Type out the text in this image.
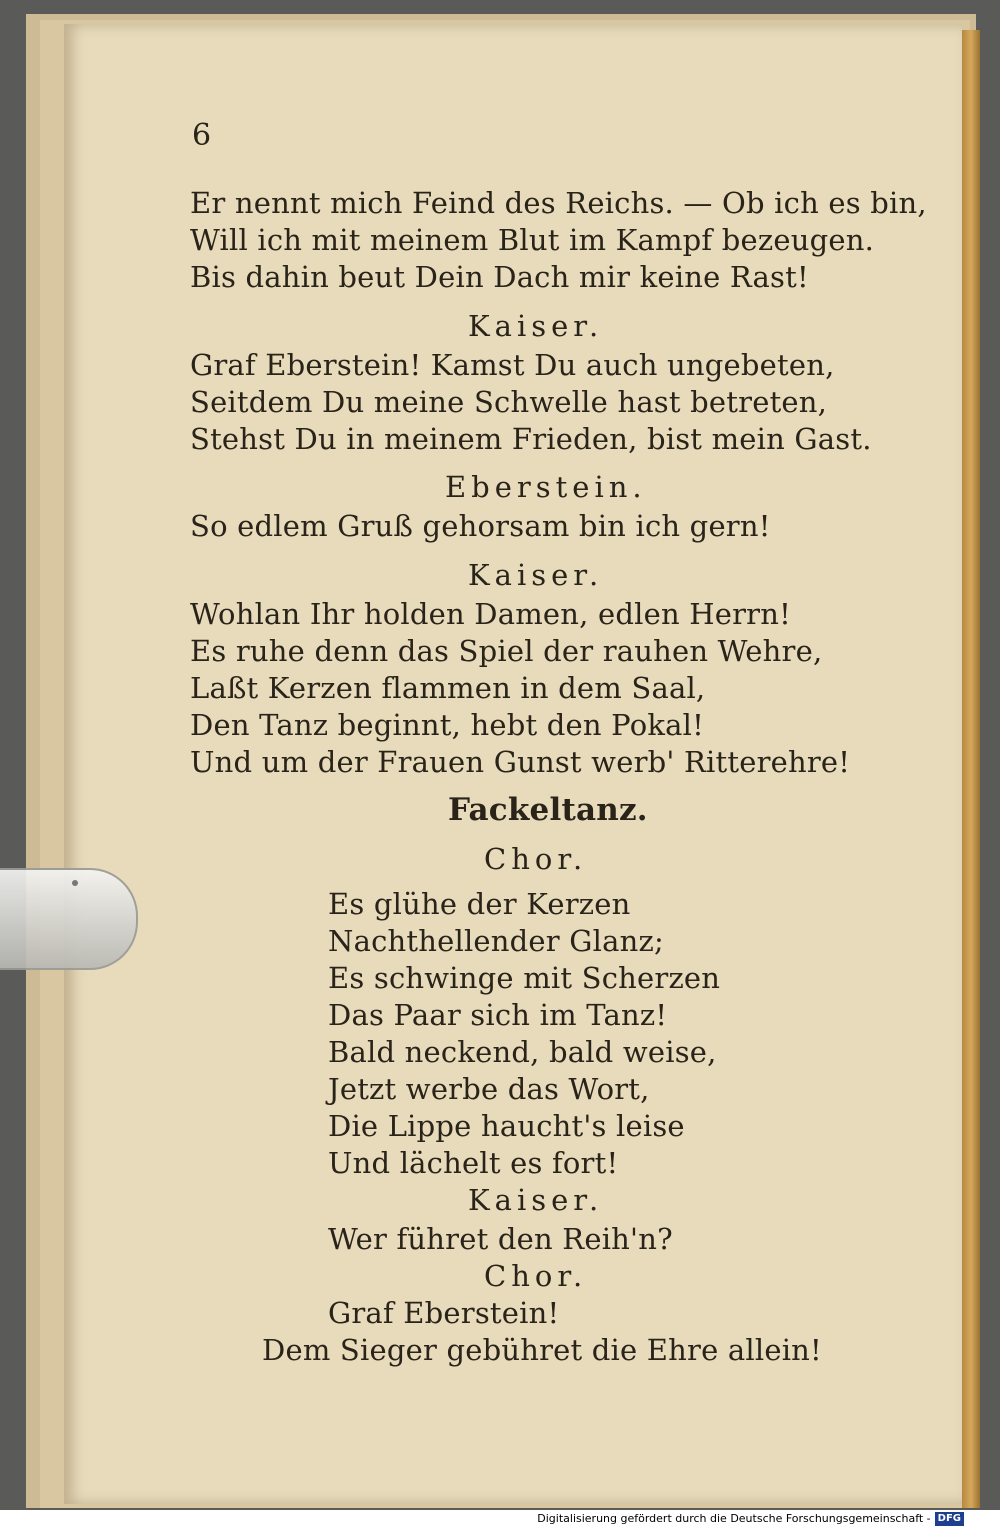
6
Er nennt mich Feind des Reichs. — Ob ich es bin,
Will ich mit meinem Blut im Kampf bezeugen.
Bis dahin beut Dein Dach mir keine Rast!
Kaiser.
Graf Eberstein! Kamst Du auch ungebeten,
Seitdem Du meine Schwelle hast betreten,
Stehst Du in meinem Frieden, bist mein Gast.
Eberstein.
So edlem Gruß gehorsam bin ich gern!
Kaiser.
Wohlan Ihr holden Damen, edlen Herrn!
Es ruhe denn das Spiel der rauhen Wehre,
Laßt Kerzen flammen in dem Saal,
Den Tanz beginnt, hebt den Pokal!
Und um der Frauen Gunst werb' Ritterehre!
Fackeltanz.
Chor.
Es glühe der Kerzen
Nachthellender Glanz;
Es schwinge mit Scherzen
Das Paar sich im Tanz!
Bald neckend, bald weise,
Jetzt werbe das Wort,
Die Lippe haucht's leise
Und lächelt es fort!
Kaiser.
Wer führet den Reih'n?
Chor.
Graf Eberstein!
Dem Sieger gebühret die Ehre allein!
Digitalisierung gefördert durch die Deutsche Forschungsgemeinschaft - DFG
